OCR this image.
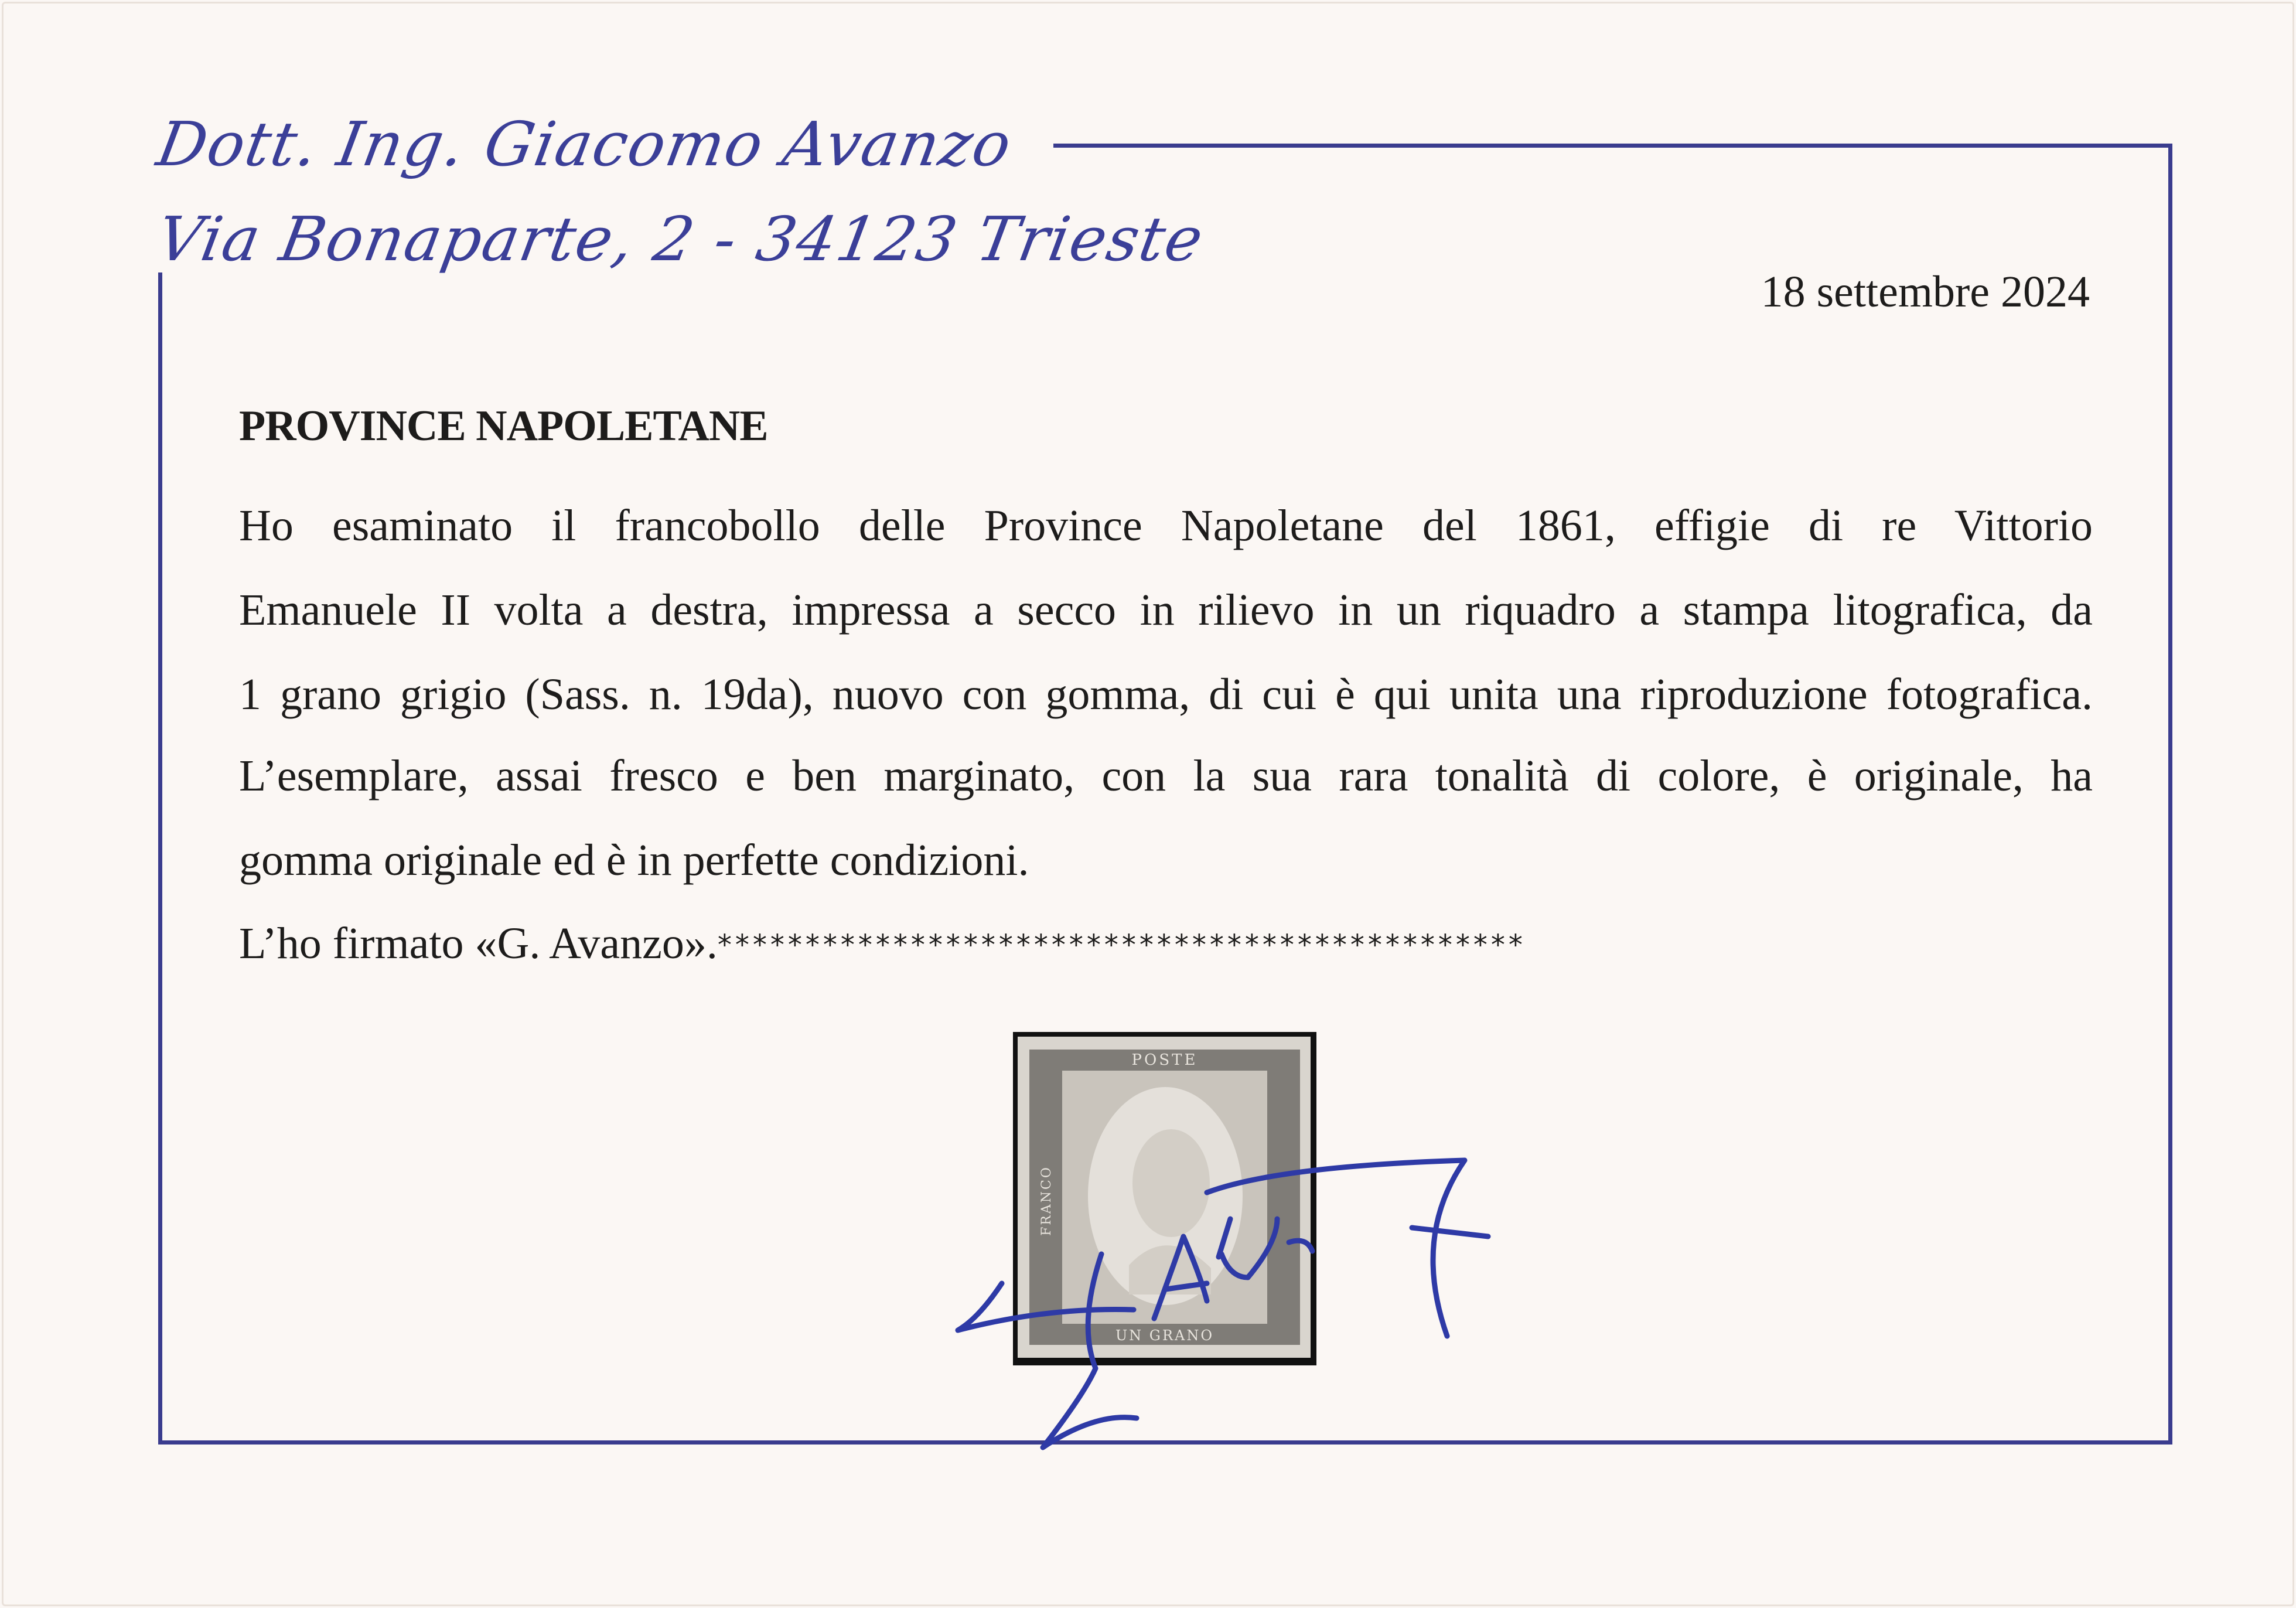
Dott. Ing. Giacomo Avanzo
Via Bonaparte, 2 - 34123 Trieste
18 settembre 2024
PROVINCE NAPOLETANE
Ho esaminato il francobollo delle Province Napoletane del 1861, effigie di re Vittorio
Emanuele II volta a destra, impressa a secco in rilievo in un riquadro a stampa litografica, da
1 grano grigio (Sass. n. 19da), nuovo con gomma, di cui è qui unita una riproduzione fotografica.
L’esemplare, assai fresco e ben marginato, con la sua rara tonalità di colore, è originale, ha
gomma originale ed è in perfette condizioni.
L’ho firmato «G. Avanzo».**********************************************
POSTE
UN GRANO
FRANCO
